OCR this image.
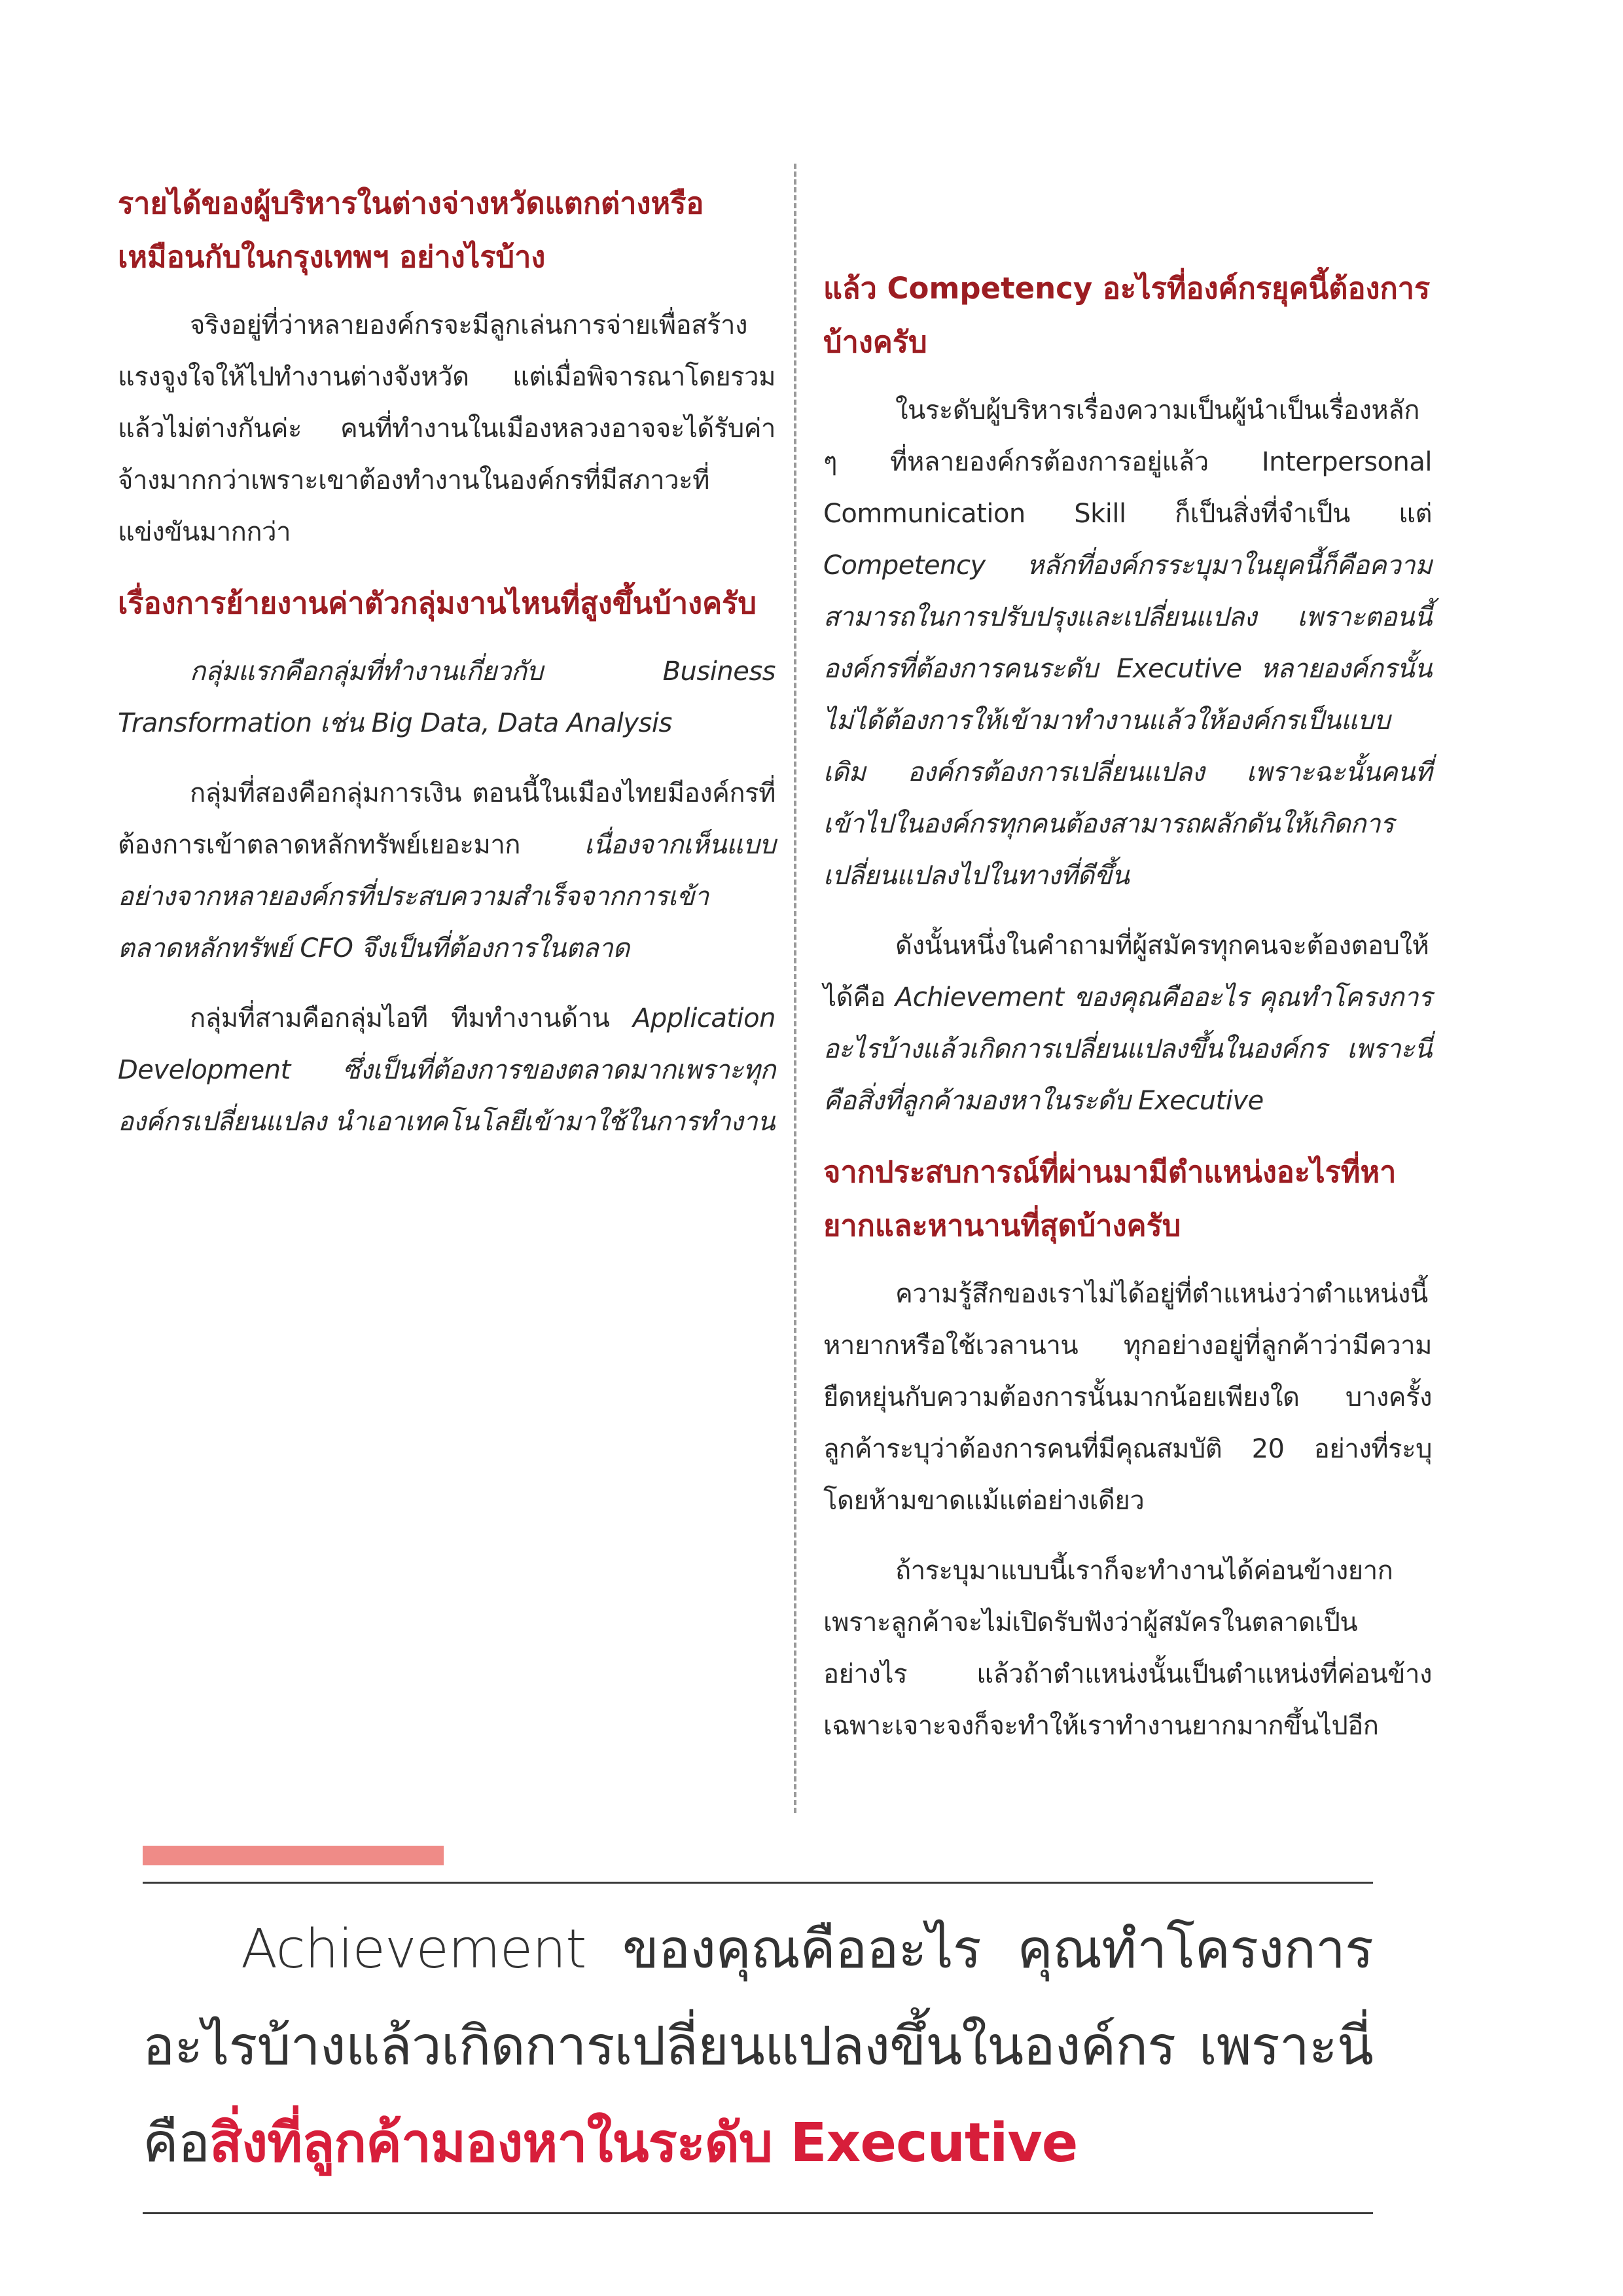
รายได้ของผู้บริหารในต่างจ่างหวัดแตกต่างหรือเหมือนกับในกรุงเทพฯ อย่างไรบ้าง

จริงอยู่ที่ว่าหลายองค์กรจะมีลูกเล่นการจ่ายเพื่อสร้างแรงจูงใจให้ไปทำงานต่างจังหวัด แต่เมื่อพิจารณาโดยรวมแล้วไม่ต่างกันค่ะ คนที่ทำงานในเมืองหลวงอาจจะได้รับค่าจ้างมากกว่าเพราะเขาต้องทำงานในองค์กรที่มีสภาวะที่แข่งขันมากกว่า

เรื่องการย้ายงานค่าตัวกลุ่มงานไหนที่สูงขึ้นบ้างครับ

กลุ่มแรกคือกลุ่มที่ทำงานเกี่ยวกับ Business Transformation เช่น Big Data, Data Analysis

กลุ่มที่สองคือกลุ่มการเงิน ตอนนี้ในเมืองไทยมีองค์กรที่ต้องการเข้าตลาดหลักทรัพย์เยอะมาก เนื่องจากเห็นแบบอย่างจากหลายองค์กรที่ประสบความสำเร็จจากการเข้าตลาดหลักทรัพย์ CFO จึงเป็นที่ต้องการในตลาด

กลุ่มที่สามคือกลุ่มไอที ทีมทำงานด้าน Application Development ซึ่งเป็นที่ต้องการของตลาดมากเพราะทุกองค์กรเปลี่ยนแปลง นำเอาเทคโนโลยีเข้ามาใช้ในการทำงาน

แล้ว Competency อะไรที่องค์กรยุคนี้ต้องการบ้างครับ

ในระดับผู้บริหารเรื่องความเป็นผู้นำเป็นเรื่องหลัก ๆ ที่หลายองค์กรต้องการอยู่แล้ว Interpersonal Communication Skill ก็เป็นสิ่งที่จำเป็น แต่ Competency หลักที่องค์กรระบุมาในยุคนี้ก็คือความสามารถในการปรับปรุงและเปลี่ยนแปลง เพราะตอนนี้องค์กรที่ต้องการคนระดับ Executive หลายองค์กรนั้นไม่ได้ต้องการให้เข้ามาทำงานแล้วให้องค์กรเป็นแบบเดิม องค์กรต้องการเปลี่ยนแปลง เพราะฉะนั้นคนที่เข้าไปในองค์กรทุกคนต้องสามารถผลักดันให้เกิดการเปลี่ยนแปลงไปในทางที่ดีขึ้น

ดังนั้นหนึ่งในคำถามที่ผู้สมัครทุกคนจะต้องตอบให้ได้คือ Achievement ของคุณคืออะไร คุณทำโครงการอะไรบ้างแล้วเกิดการเปลี่ยนแปลงขึ้นในองค์กร เพราะนี่คือสิ่งที่ลูกค้ามองหาในระดับ Executive

จากประสบการณ์ที่ผ่านมามีตำแหน่งอะไรที่หายากและหานานที่สุดบ้างครับ

ความรู้สึกของเราไม่ได้อยู่ที่ตำแหน่งว่าตำแหน่งนี้หายากหรือใช้เวลานาน ทุกอย่างอยู่ที่ลูกค้าว่ามีความยืดหยุ่นกับความต้องการนั้นมากน้อยเพียงใด บางครั้งลูกค้าระบุว่าต้องการคนที่มีคุณสมบัติ 20 อย่างที่ระบุโดยห้ามขาดแม้แต่อย่างเดียว

ถ้าระบุมาแบบนี้เราก็จะทำงานได้ค่อนข้างยากเพราะลูกค้าจะไม่เปิดรับฟังว่าผู้สมัครในตลาดเป็นอย่างไร แล้วถ้าตำแหน่งนั้นเป็นตำแหน่งที่ค่อนข้างเฉพาะเจาะจงก็จะทำให้เราทำงานยากมากขึ้นไปอีก

Achievement ของคุณคืออะไร คุณทำโครงการอะไรบ้างแล้วเกิดการเปลี่ยนแปลงขึ้นในองค์กร เพราะนี่คือสิ่งที่ลูกค้ามองหาในระดับ Executive
